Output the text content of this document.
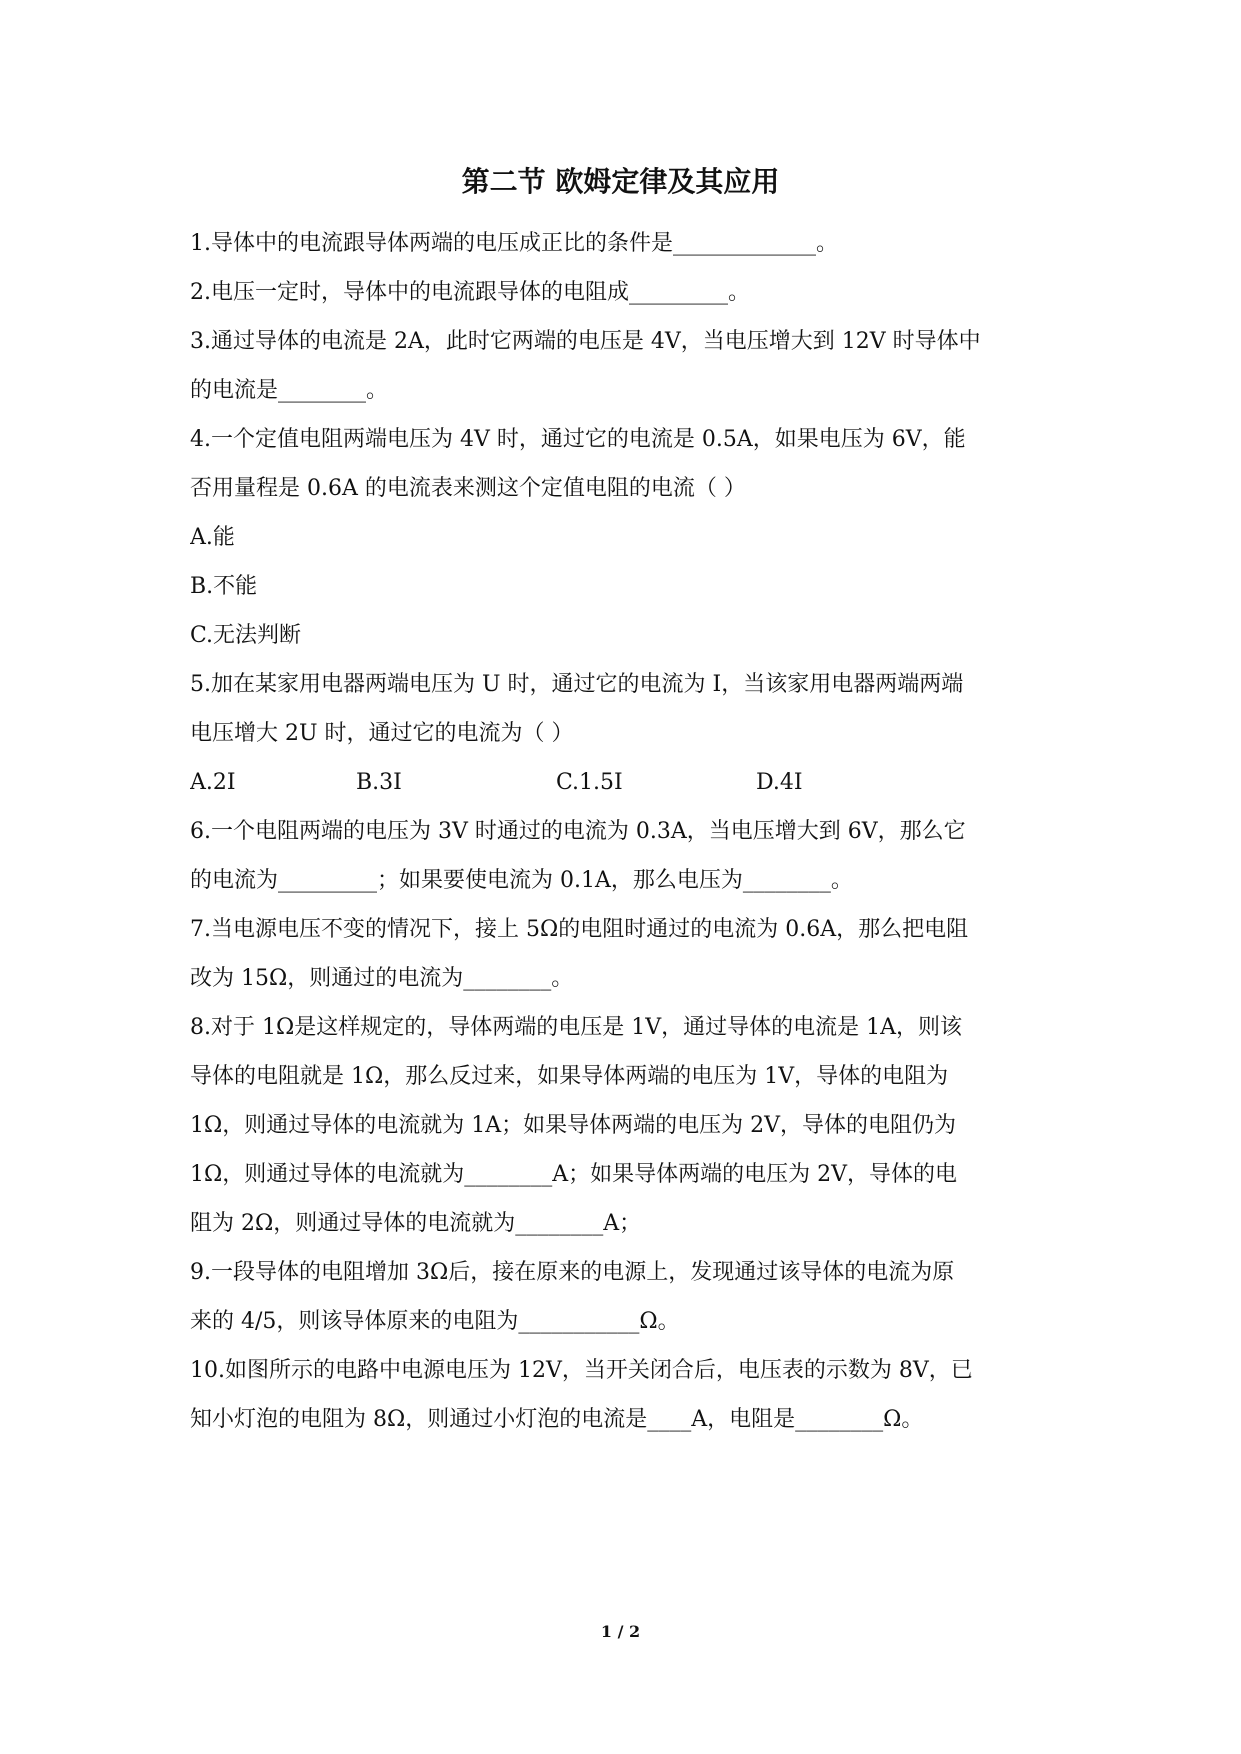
第二节 欧姆定律及其应用
1.导体中的电流跟导体两端的电压成正比的条件是_____________。
2.电压一定时，导体中的电流跟导体的电阻成_________。
3.通过导体的电流是 2A，此时它两端的电压是 4V，当电压增大到 12V 时导体中
的电流是________。
4.一个定值电阻两端电压为 4V 时，通过它的电流是 0.5A，如果电压为 6V，能
否用量程是 0.6A 的电流表来测这个定值电阻的电流（ ）
A.能
B.不能
C.无法判断
5.加在某家用电器两端电压为 U 时，通过它的电流为 I，当该家用电器两端两端
电压增大 2U 时，通过它的电流为（ ）
A.2I	B.3I	C.1.5I	D.4I
6.一个电阻两端的电压为 3V 时通过的电流为 0.3A，当电压增大到 6V，那么它
的电流为_________；如果要使电流为 0.1A，那么电压为________。
7.当电源电压不变的情况下，接上 5Ω的电阻时通过的电流为 0.6A，那么把电阻
改为 15Ω，则通过的电流为________。
8.对于 1Ω是这样规定的，导体两端的电压是 1V，通过导体的电流是 1A，则该
导体的电阻就是 1Ω，那么反过来，如果导体两端的电压为 1V，导体的电阻为
1Ω，则通过导体的电流就为 1A；如果导体两端的电压为 2V，导体的电阻仍为
1Ω，则通过导体的电流就为________A；如果导体两端的电压为 2V，导体的电
阻为 2Ω，则通过导体的电流就为________A；
9.一段导体的电阻增加 3Ω后，接在原来的电源上，发现通过该导体的电流为原
来的 4/5，则该导体原来的电阻为___________Ω。
10.如图所示的电路中电源电压为 12V，当开关闭合后，电压表的示数为 8V，已
知小灯泡的电阻为 8Ω，则通过小灯泡的电流是____A，电阻是________Ω。
1 / 2
